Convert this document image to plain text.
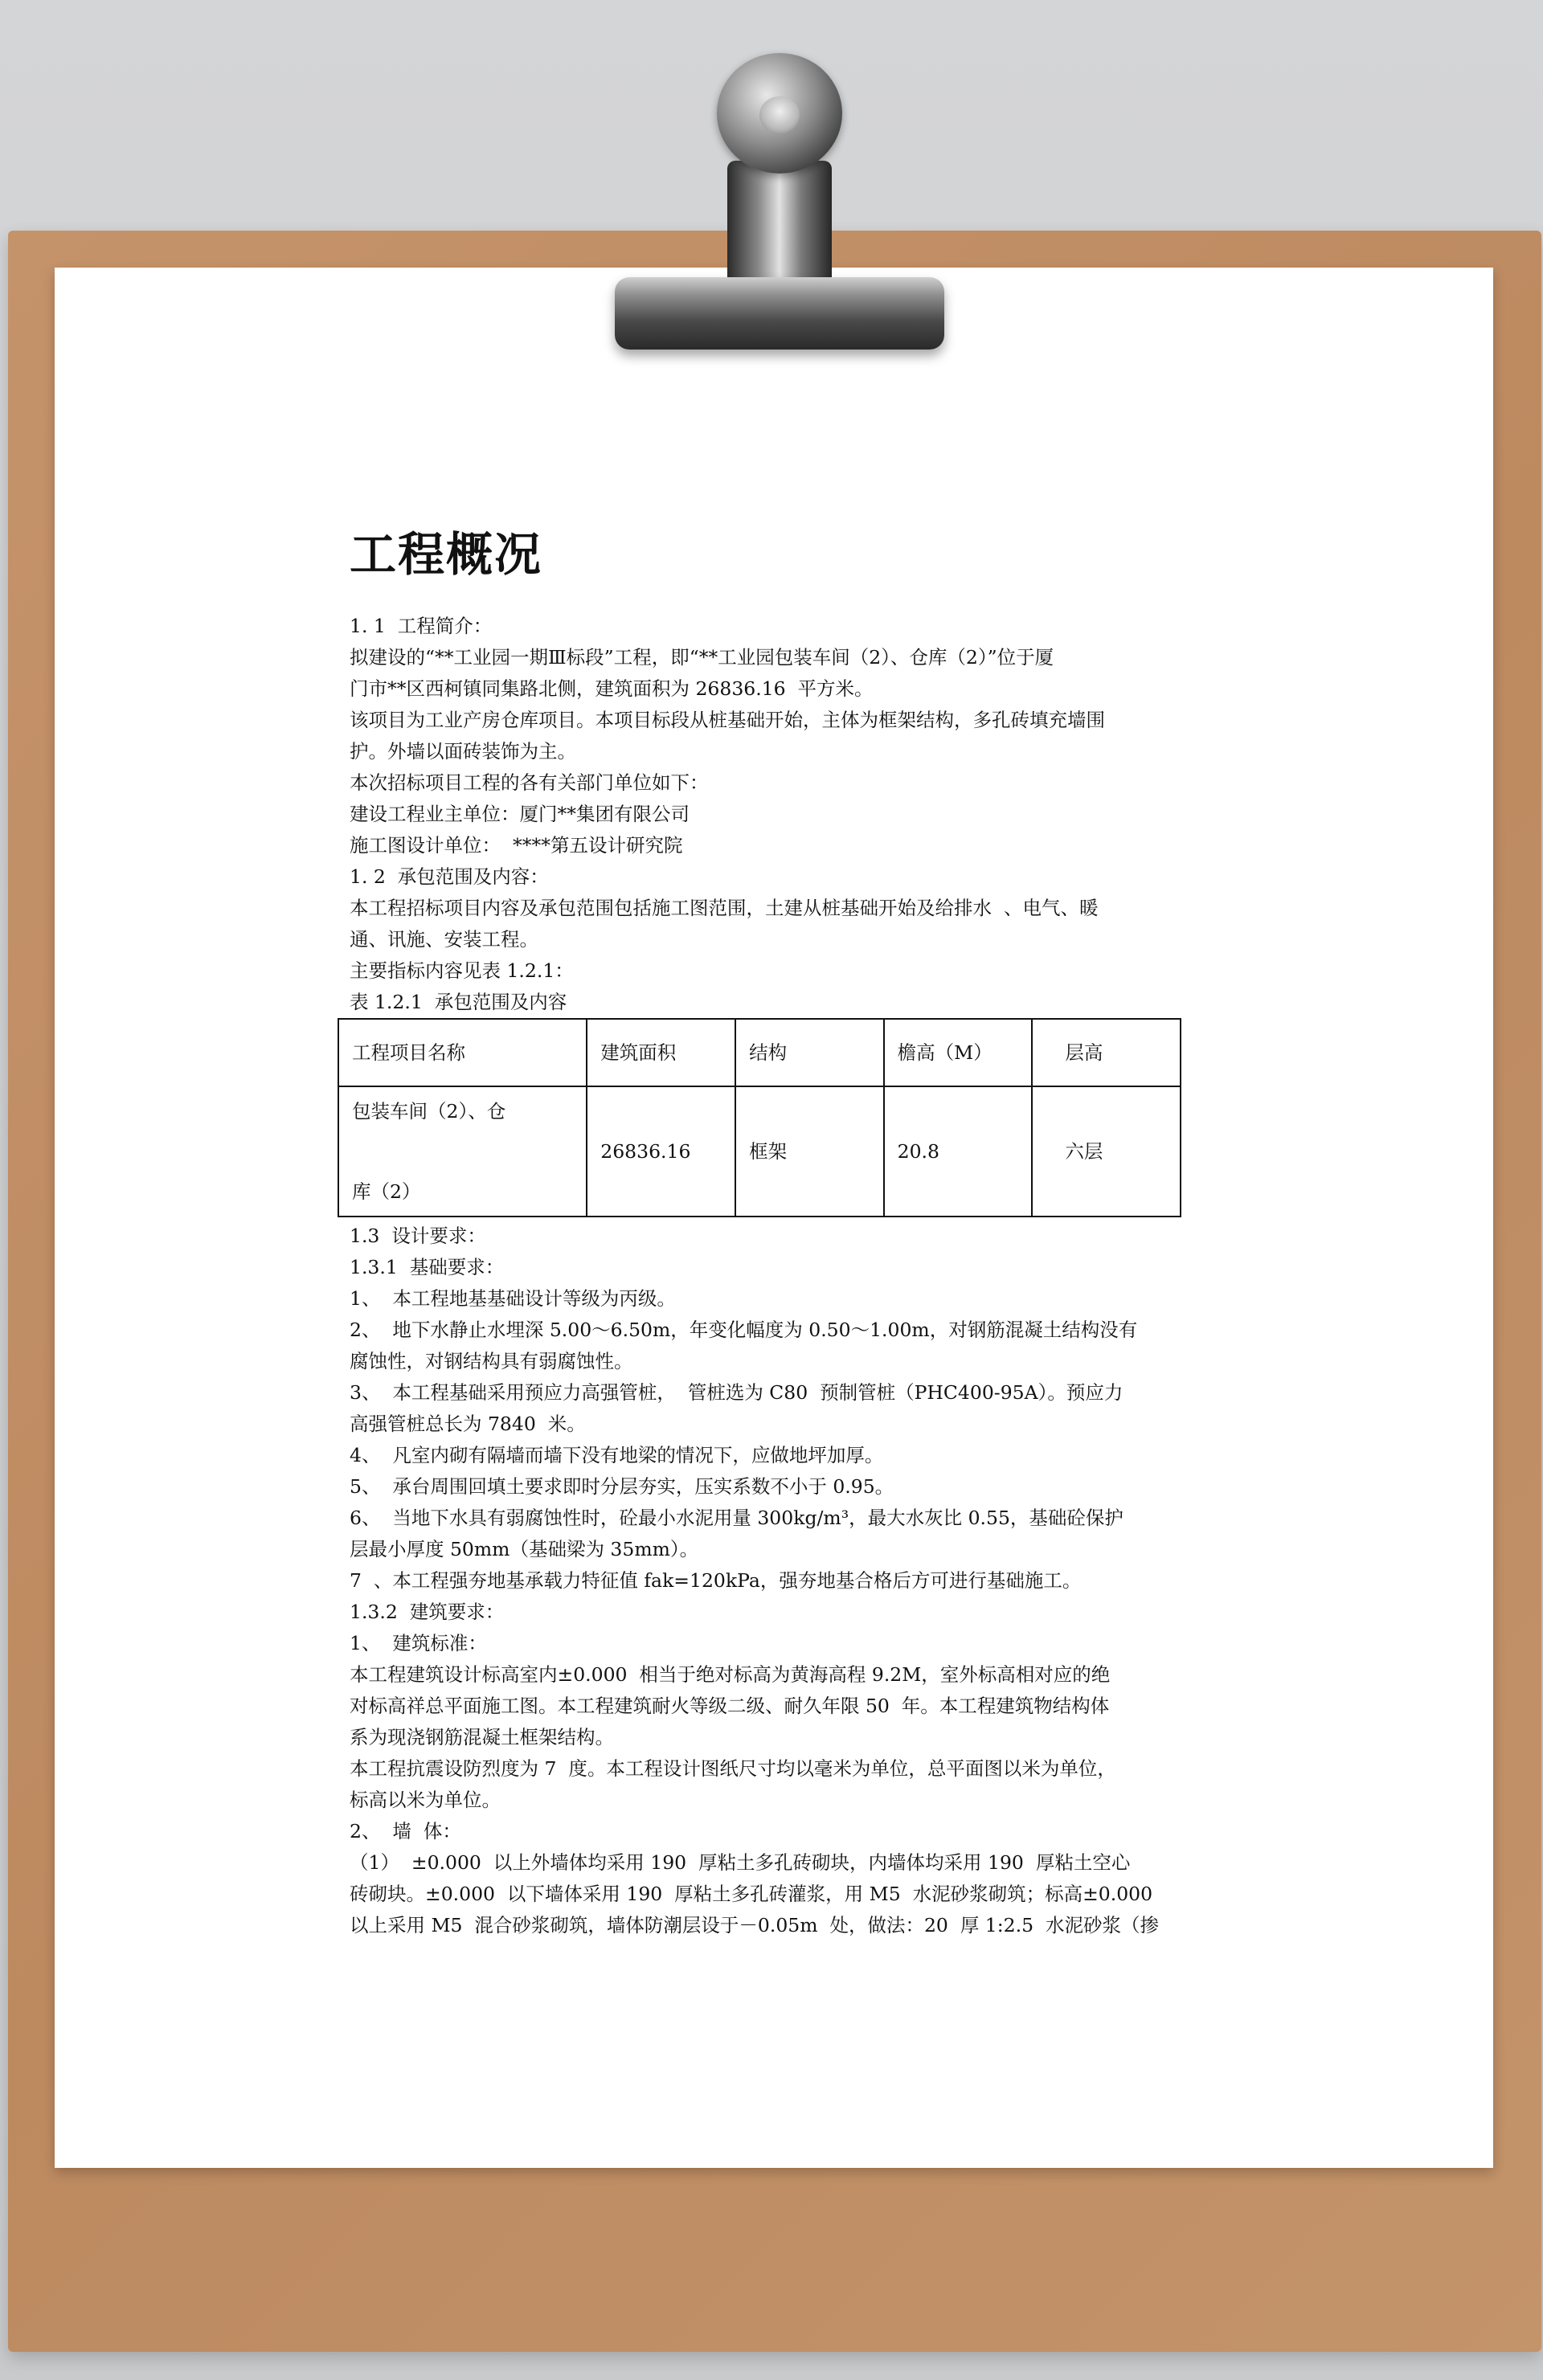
工程概况

1. 1  工程简介：

拟建设的“**工业园一期Ⅲ标段”工程，即“**工业园包装车间（2）、仓库（2）”位于厦

门市**区西柯镇同集路北侧，建筑面积为 26836.16  平方米。

该项目为工业产房仓库项目。本项目标段从桩基础开始，主体为框架结构，多孔砖填充墙围

护。外墙以面砖装饰为主。

本次招标项目工程的各有关部门单位如下：

建设工程业主单位：厦门**集团有限公司

施工图设计单位：  ****第五设计研究院

1. 2  承包范围及内容：

本工程招标项目内容及承包范围包括施工图范围，土建从桩基础开始及给排水  、电气、暖

通、讯施、安装工程。

主要指标内容见表 1.2.1：

表 1.2.1  承包范围及内容

工程项目名称	建筑面积	结构	檐高（M）	层高

包装车间（2）、仓
库（2）	26836.16	框架	20.8	六层

1.3  设计要求：

1.3.1  基础要求：

1、  本工程地基基础设计等级为丙级。

2、  地下水静止水埋深 5.00～6.50m，年变化幅度为 0.50～1.00m，对钢筋混凝土结构没有

腐蚀性，对钢结构具有弱腐蚀性。

3、  本工程基础采用预应力高强管桩，  管桩选为 C80  预制管桩（PHC400-95A）。预应力

高强管桩总长为 7840  米。

4、  凡室内砌有隔墙而墙下没有地梁的情况下，应做地坪加厚。

5、  承台周围回填土要求即时分层夯实，压实系数不小于 0.95。

6、  当地下水具有弱腐蚀性时，砼最小水泥用量 300kg/m³，最大水灰比 0.55，基础砼保护

层最小厚度 50mm（基础梁为 35mm）。

7  、本工程强夯地基承载力特征值 fak=120kPa，强夯地基合格后方可进行基础施工。

1.3.2  建筑要求：

1、  建筑标准：

本工程建筑设计标高室内±0.000  相当于绝对标高为黄海高程 9.2M，室外标高相对应的绝

对标高祥总平面施工图。本工程建筑耐火等级二级、耐久年限 50  年。本工程建筑物结构体

系为现浇钢筋混凝土框架结构。

本工程抗震设防烈度为 7  度。本工程设计图纸尺寸均以毫米为单位，总平面图以米为单位，

标高以米为单位。

2、  墙  体：

（1）  ±0.000  以上外墙体均采用 190  厚粘土多孔砖砌块，内墙体均采用 190  厚粘土空心

砖砌块。±0.000  以下墙体采用 190  厚粘土多孔砖灌浆，用 M5  水泥砂浆砌筑；标高±0.000

以上采用 M5  混合砂浆砌筑，墙体防潮层设于－0.05m  处，做法：20  厚 1:2.5  水泥砂浆（掺
